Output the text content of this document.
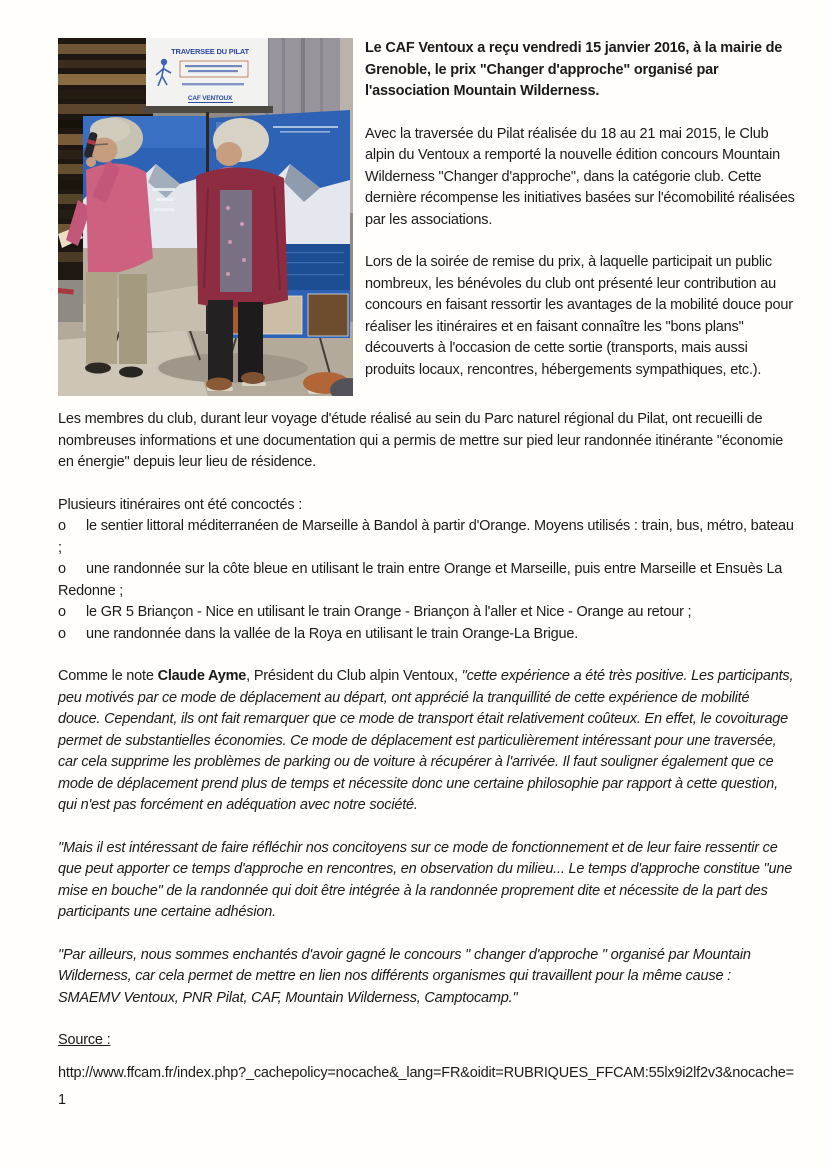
TRAVERSEE DU PILAT
CAF VENTOUX

Le CAF Ventoux a reçu vendredi 15 janvier 2016, à la mairie de Grenoble, le prix "Changer d'approche" organisé par l'association Mountain Wilderness.

Avec la traversée du Pilat réalisée du 18 au 21 mai 2015, le Club alpin du Ventoux a remporté la nouvelle édition concours Mountain Wilderness "Changer d'approche", dans la catégorie club. Cette dernière récompense les initiatives basées sur l'écomobilité réalisées par les associations.

Lors de la soirée de remise du prix, à laquelle participait un public nombreux, les bénévoles du club ont présenté leur contribution au concours en faisant ressortir les avantages de la mobilité douce pour réaliser les itinéraires et en faisant connaître les "bons plans" découverts à l'occasion de cette sortie (transports, mais aussi produits locaux, rencontres, hébergements sympathiques, etc.).

Les membres du club, durant leur voyage d'étude réalisé au sein du Parc naturel régional du Pilat, ont recueilli de nombreuses informations et une documentation qui a permis de mettre sur pied leur randonnée itinérante "économie en énergie" depuis leur lieu de résidence.

Plusieurs itinéraires ont été concoctés :

o le sentier littoral méditerranéen de Marseille à Bandol à partir d'Orange. Moyens utilisés : train, bus, métro, bateau ;
o une randonnée sur la côte bleue en utilisant le train entre Orange et Marseille, puis entre Marseille et Ensuès La Redonne ;
o le GR 5 Briançon - Nice en utilisant le train Orange - Briançon à l'aller et Nice - Orange au retour ;
o une randonnée dans la vallée de la Roya en utilisant le train Orange-La Brigue.

Comme le note Claude Ayme, Président du Club alpin Ventoux, "cette expérience a été très positive. Les participants, peu motivés par ce mode de déplacement au départ, ont apprécié la tranquillité de cette expérience de mobilité douce. Cependant, ils ont fait remarquer que ce mode de transport était relativement coûteux. En effet, le covoiturage permet de substantielles économies. Ce mode de déplacement est particulièrement intéressant pour une traversée, car cela supprime les problèmes de parking ou de voiture à récupérer à l'arrivée. Il faut souligner également que ce mode de déplacement prend plus de temps et nécessite donc une certaine philosophie par rapport à cette question, qui n'est pas forcément en adéquation avec notre société.

"Mais il est intéressant de faire réfléchir nos concitoyens sur ce mode de fonctionnement et de leur faire ressentir ce que peut apporter ce temps d'approche en rencontres, en observation du milieu... Le temps d'approche constitue "une mise en bouche" de la randonnée qui doit être intégrée à la randonnée proprement dite et nécessite de la part des participants une certaine adhésion.

"Par ailleurs, nous sommes enchantés d'avoir gagné le concours " changer d'approche " organisé par Mountain Wilderness, car cela permet de mettre en lien nos différents organismes qui travaillent pour la même cause : SMAEMV Ventoux, PNR Pilat, CAF, Mountain Wilderness, Camptocamp."

Source :

http://www.ffcam.fr/index.php?_cachepolicy=nocache&_lang=FR&oidit=RUBRIQUES_FFCAM:55lx9i2lf2v3&nocache=1
